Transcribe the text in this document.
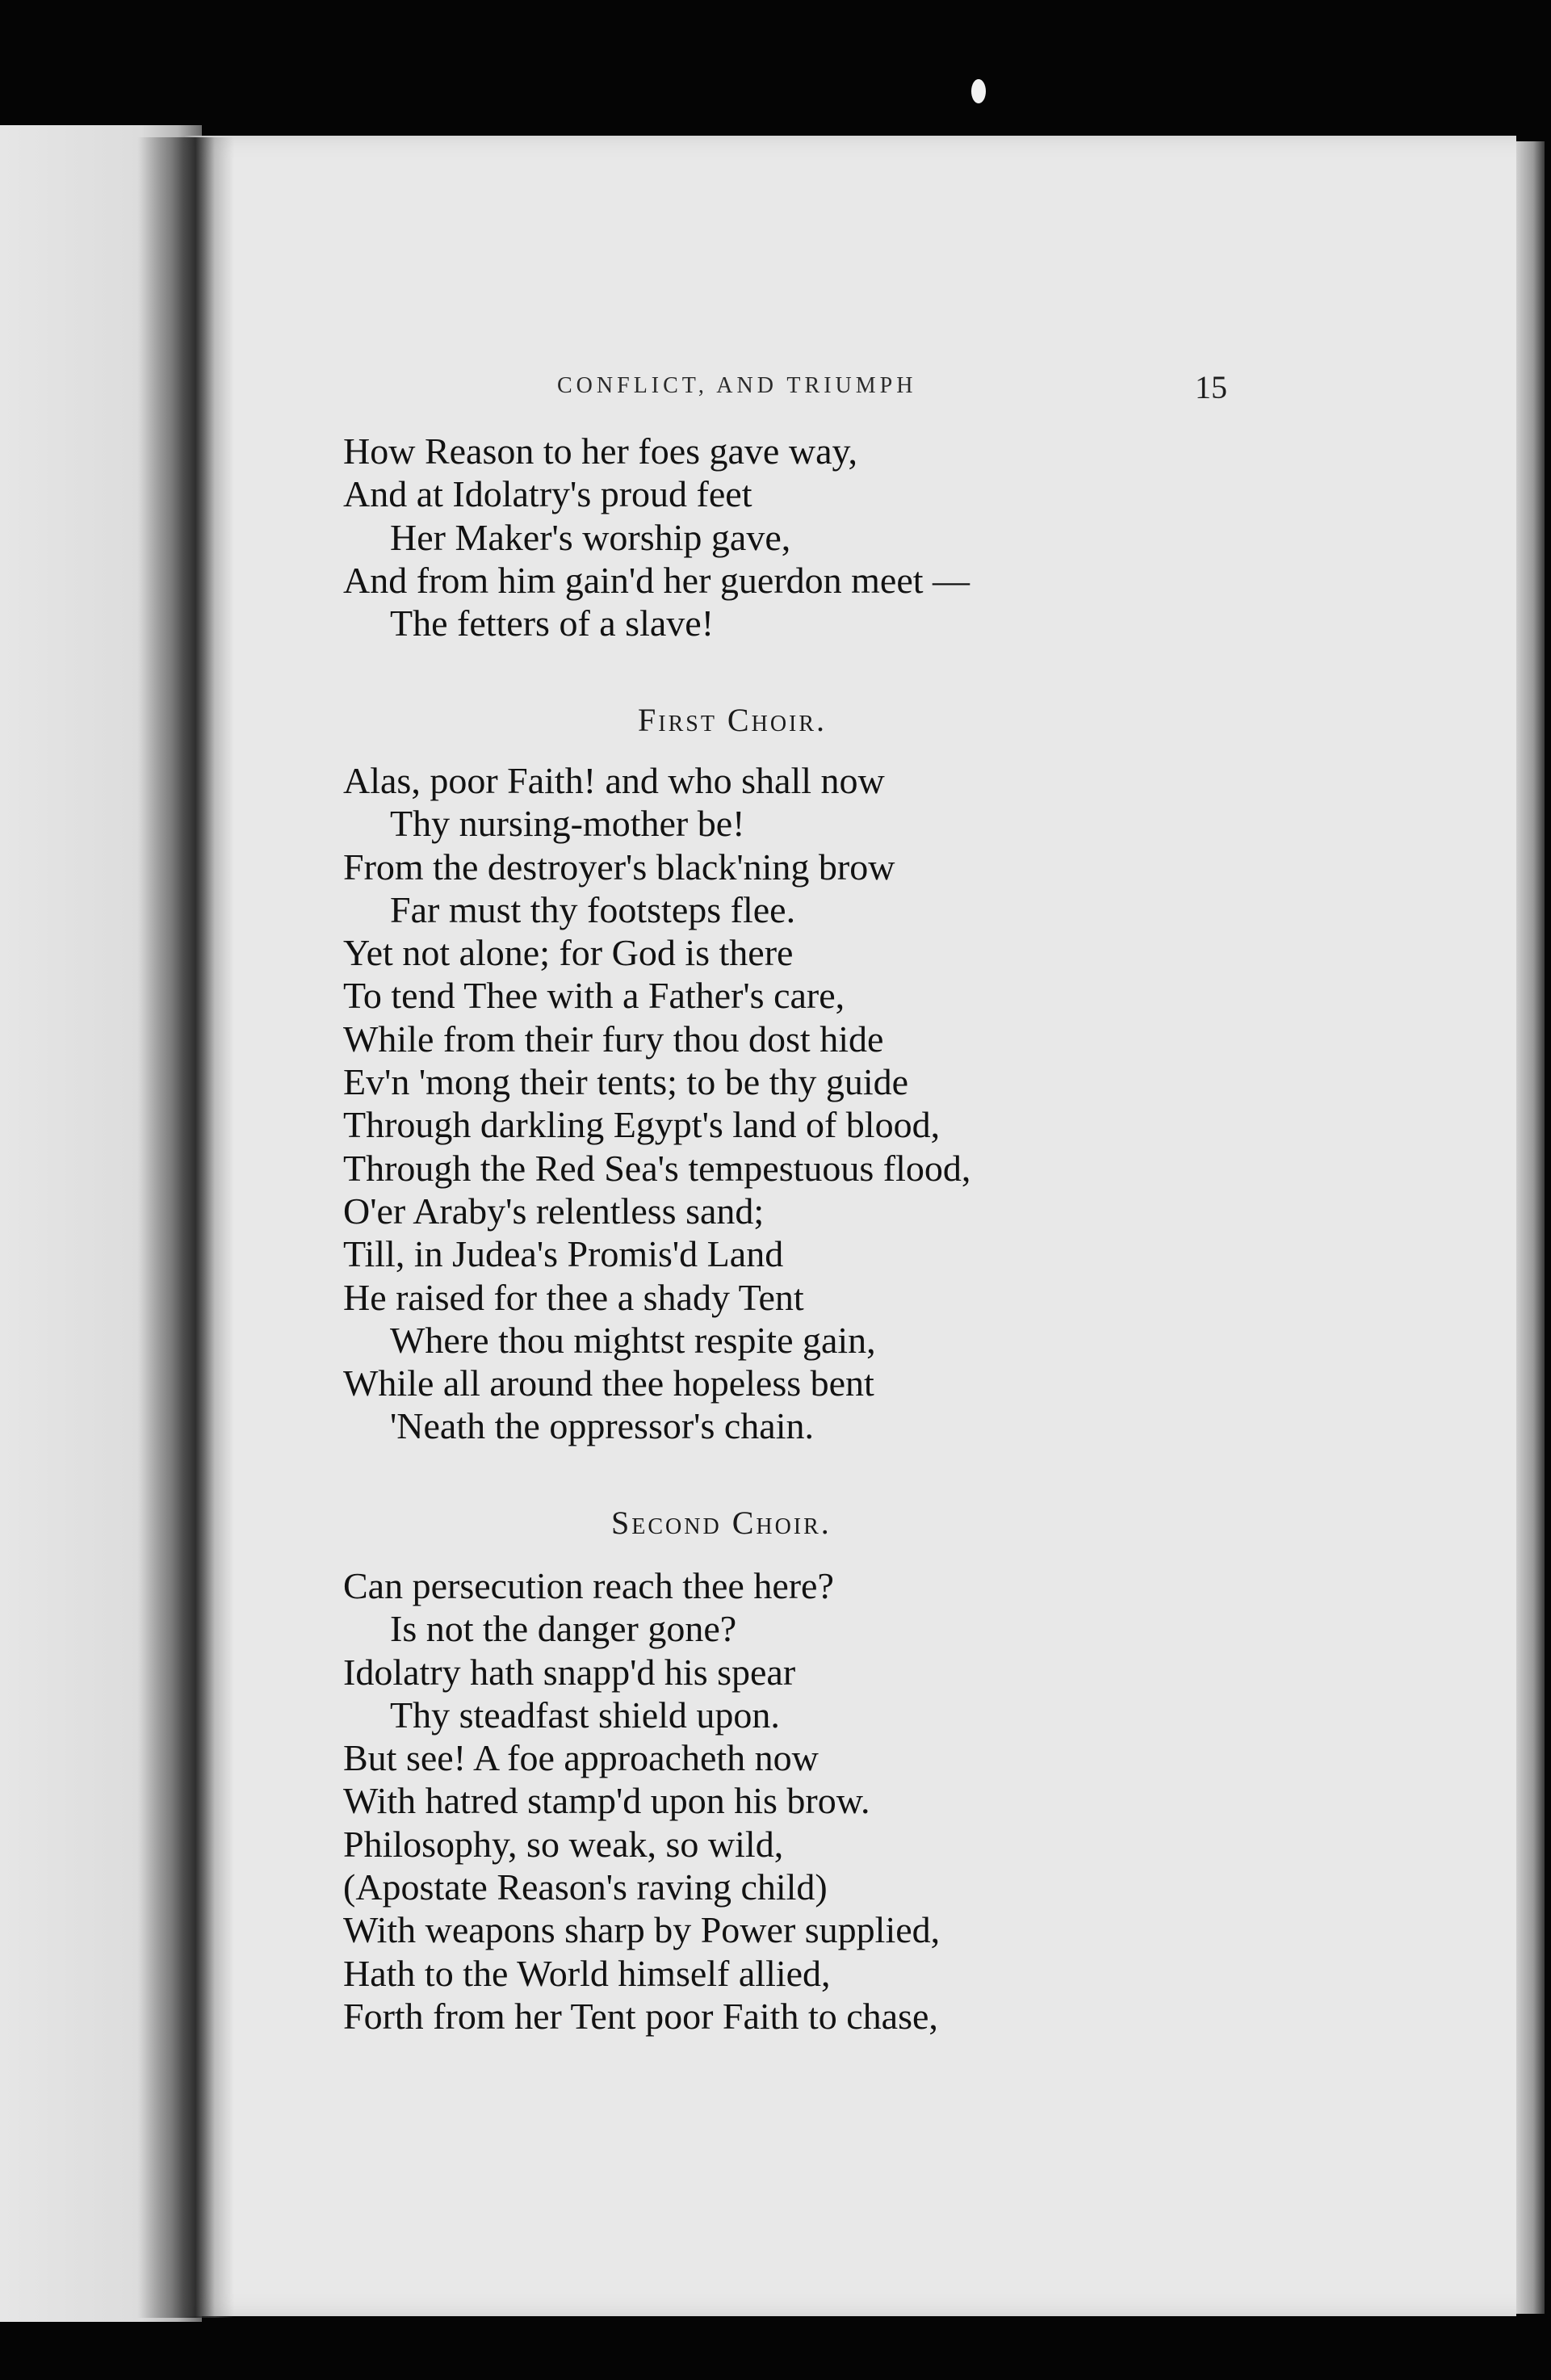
CONFLICT, AND TRIUMPH	15
How Reason to her foes gave way,
And at Idolatry's proud feet
Her Maker's worship gave,
And from him gain'd her guerdon meet —
The fetters of a slave!
First Choir.
Alas, poor Faith! and who shall now
Thy nursing-mother be!
From the destroyer's black'ning brow
Far must thy footsteps flee.
Yet not alone; for God is there
To tend Thee with a Father's care,
While from their fury thou dost hide
Ev'n 'mong their tents; to be thy guide
Through darkling Egypt's land of blood,
Through the Red Sea's tempestuous flood,
O'er Araby's relentless sand;
Till, in Judea's Promis'd Land
He raised for thee a shady Tent
Where thou mightst respite gain,
While all around thee hopeless bent
'Neath the oppressor's chain.
Second Choir.
Can persecution reach thee here?
Is not the danger gone?
Idolatry hath snapp'd his spear
Thy steadfast shield upon.
But see! A foe approacheth now
With hatred stamp'd upon his brow.
Philosophy, so weak, so wild,
(Apostate Reason's raving child)
With weapons sharp by Power supplied,
Hath to the World himself allied,
Forth from her Tent poor Faith to chase,
